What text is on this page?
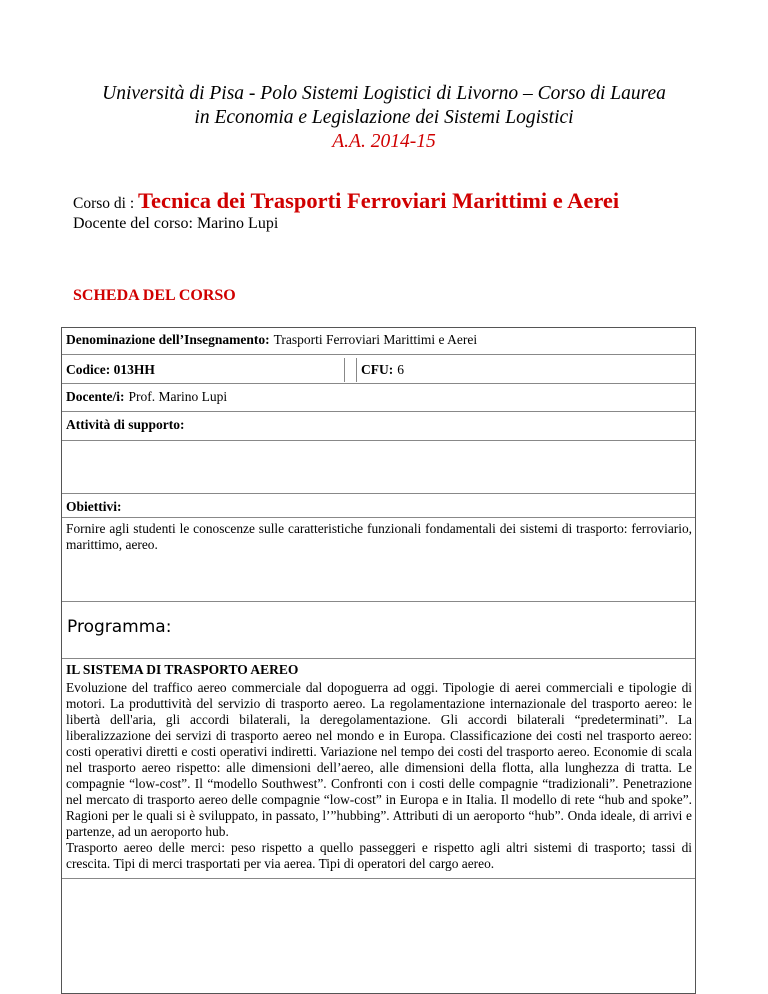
Università di Pisa - Polo Sistemi Logistici di Livorno – Corso di Laurea
in Economia e Legislazione dei Sistemi Logistici
A.A. 2014-15
Corso di : Tecnica dei Trasporti Ferroviari Marittimi e Aerei
Docente del corso: Marino Lupi
SCHEDA DEL CORSO
Denominazione dell’Insegnamento: Trasporti Ferroviari Marittimi e Aerei
Codice: 013HH	CFU: 6
Docente/i: Prof. Marino Lupi
Attività di supporto:
Obiettivi:
Fornire agli studenti le conoscenze sulle caratteristiche funzionali fondamentali dei sistemi di trasporto: ferroviario, marittimo, aereo.
Programma:
IL SISTEMA DI TRASPORTO AEREO

Evoluzione del traffico aereo commerciale dal dopoguerra ad oggi. Tipologie di aerei commerciali e tipologie di motori. La produttività del servizio di trasporto aereo. La regolamentazione internazionale del trasporto aereo: le libertà dell'aria, gli accordi bilaterali, la deregolamentazione. Gli accordi bilaterali “predeterminati”. La liberalizzazione dei servizi di trasporto aereo nel mondo e in Europa. Classificazione dei costi nel trasporto aereo: costi operativi diretti e costi operativi indiretti. Variazione nel tempo dei costi del trasporto aereo. Economie di scala nel trasporto aereo rispetto: alle dimensioni dell’aereo, alle dimensioni della flotta, alla lunghezza di tratta. Le compagnie “low-cost”. Il “modello Southwest”. Confronti con i costi delle compagnie “tradizionali”. Penetrazione nel mercato di trasporto aereo delle compagnie “low-cost” in Europa e in Italia. Il modello di rete “hub and spoke”. Ragioni per le quali si è sviluppato, in passato, l’”hubbing”. Attributi di un aeroporto “hub”. Onda ideale, di arrivi e partenze, ad un aeroporto hub.

Trasporto aereo delle merci: peso rispetto a quello passeggeri e rispetto agli altri sistemi di trasporto; tassi di crescita. Tipi di merci trasportati per via aerea. Tipi di operatori del cargo aereo.
